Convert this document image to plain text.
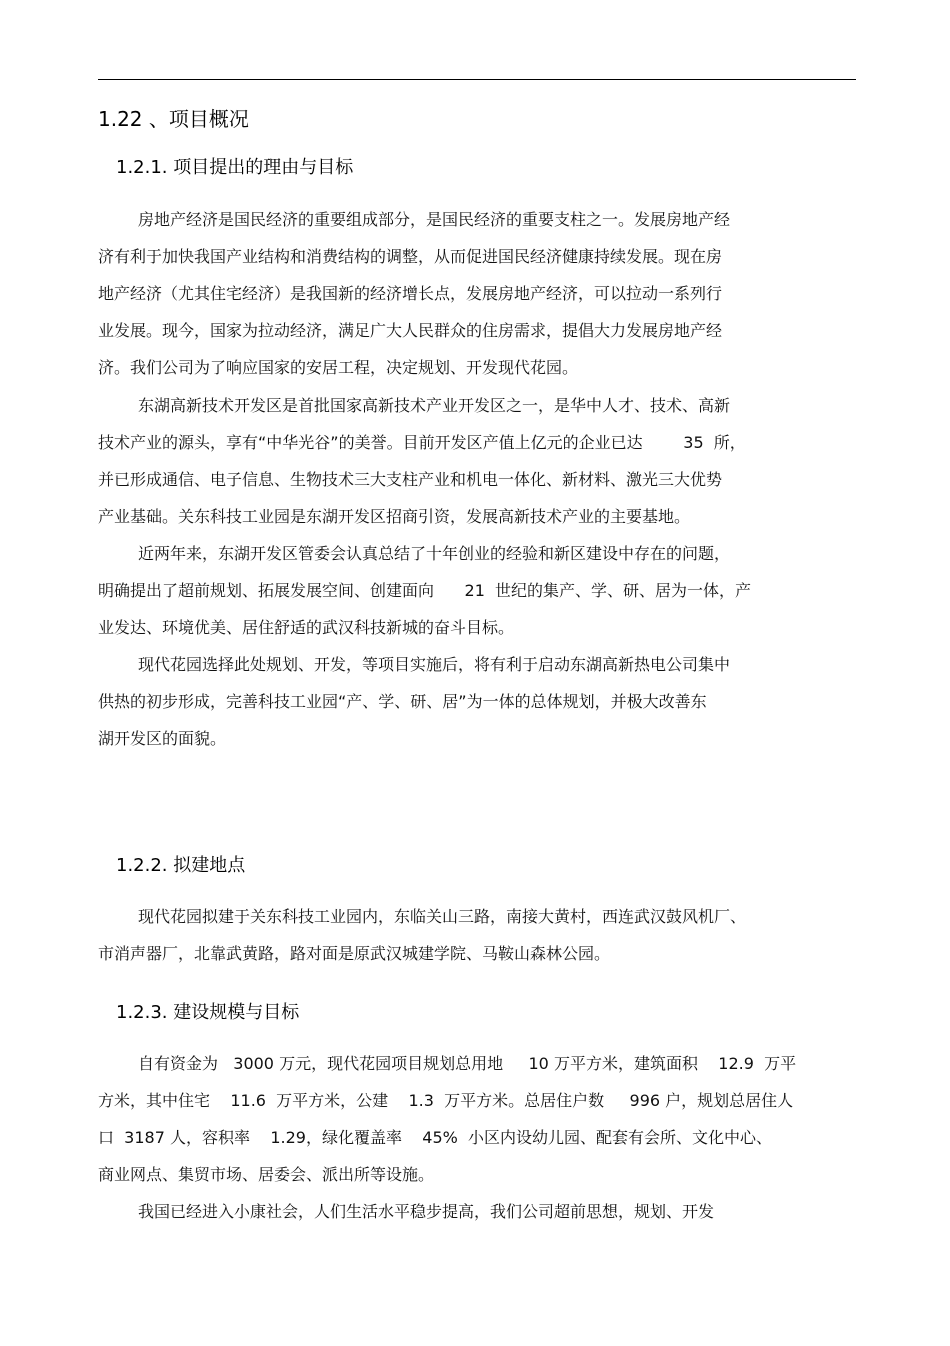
1.22 、项目概况
1.2.1. 项目提出的理由与目标
房地产经济是国民经济的重要组成部分，是国民经济的重要支柱之一。发展房地产经
济有利于加快我国产业结构和消费结构的调整，从而促进国民经济健康持续发展。现在房
地产经济（尤其住宅经济）是我国新的经济增长点，发展房地产经济，可以拉动一系列行
业发展。现今，国家为拉动经济，满足广大人民群众的住房需求，提倡大力发展房地产经
济。我们公司为了响应国家的安居工程，决定规划、开发现代花园。
东湖高新技术开发区是首批国家高新技术产业开发区之一，是华中人才、技术、高新
技术产业的源头，享有“中华光谷”的美誉。目前开发区产值上亿元的企业已达        35  所，
并已形成通信、电子信息、生物技术三大支柱产业和机电一体化、新材料、激光三大优势
产业基础。关东科技工业园是东湖开发区招商引资，发展高新技术产业的主要基地。
近两年来，东湖开发区管委会认真总结了十年创业的经验和新区建设中存在的问题，
明确提出了超前规划、拓展发展空间、创建面向      21  世纪的集产、学、研、居为一体，产
业发达、环境优美、居住舒适的武汉科技新城的奋斗目标。
现代花园选择此处规划、开发，等项目实施后，将有利于启动东湖高新热电公司集中
供热的初步形成，完善科技工业园“产、学、研、居”为一体的总体规划，并极大改善东
湖开发区的面貌。
1.2.2. 拟建地点
现代花园拟建于关东科技工业园内，东临关山三路，南接大黄村，西连武汉鼓风机厂、
市消声器厂，北靠武黄路，路对面是原武汉城建学院、马鞍山森林公园。
1.2.3. 建设规模与目标
自有资金为   3000 万元，现代花园项目规划总用地     10 万平方米，建筑面积    12.9  万平
方米，其中住宅    11.6  万平方米，公建    1.3  万平方米。总居住户数     996 户，规划总居住人
口  3187 人，容积率    1.29，绿化覆盖率    45%  小区内设幼儿园、配套有会所、文化中心、
商业网点、集贸市场、居委会、派出所等设施。
我国已经进入小康社会，人们生活水平稳步提高，我们公司超前思想，规划、开发
